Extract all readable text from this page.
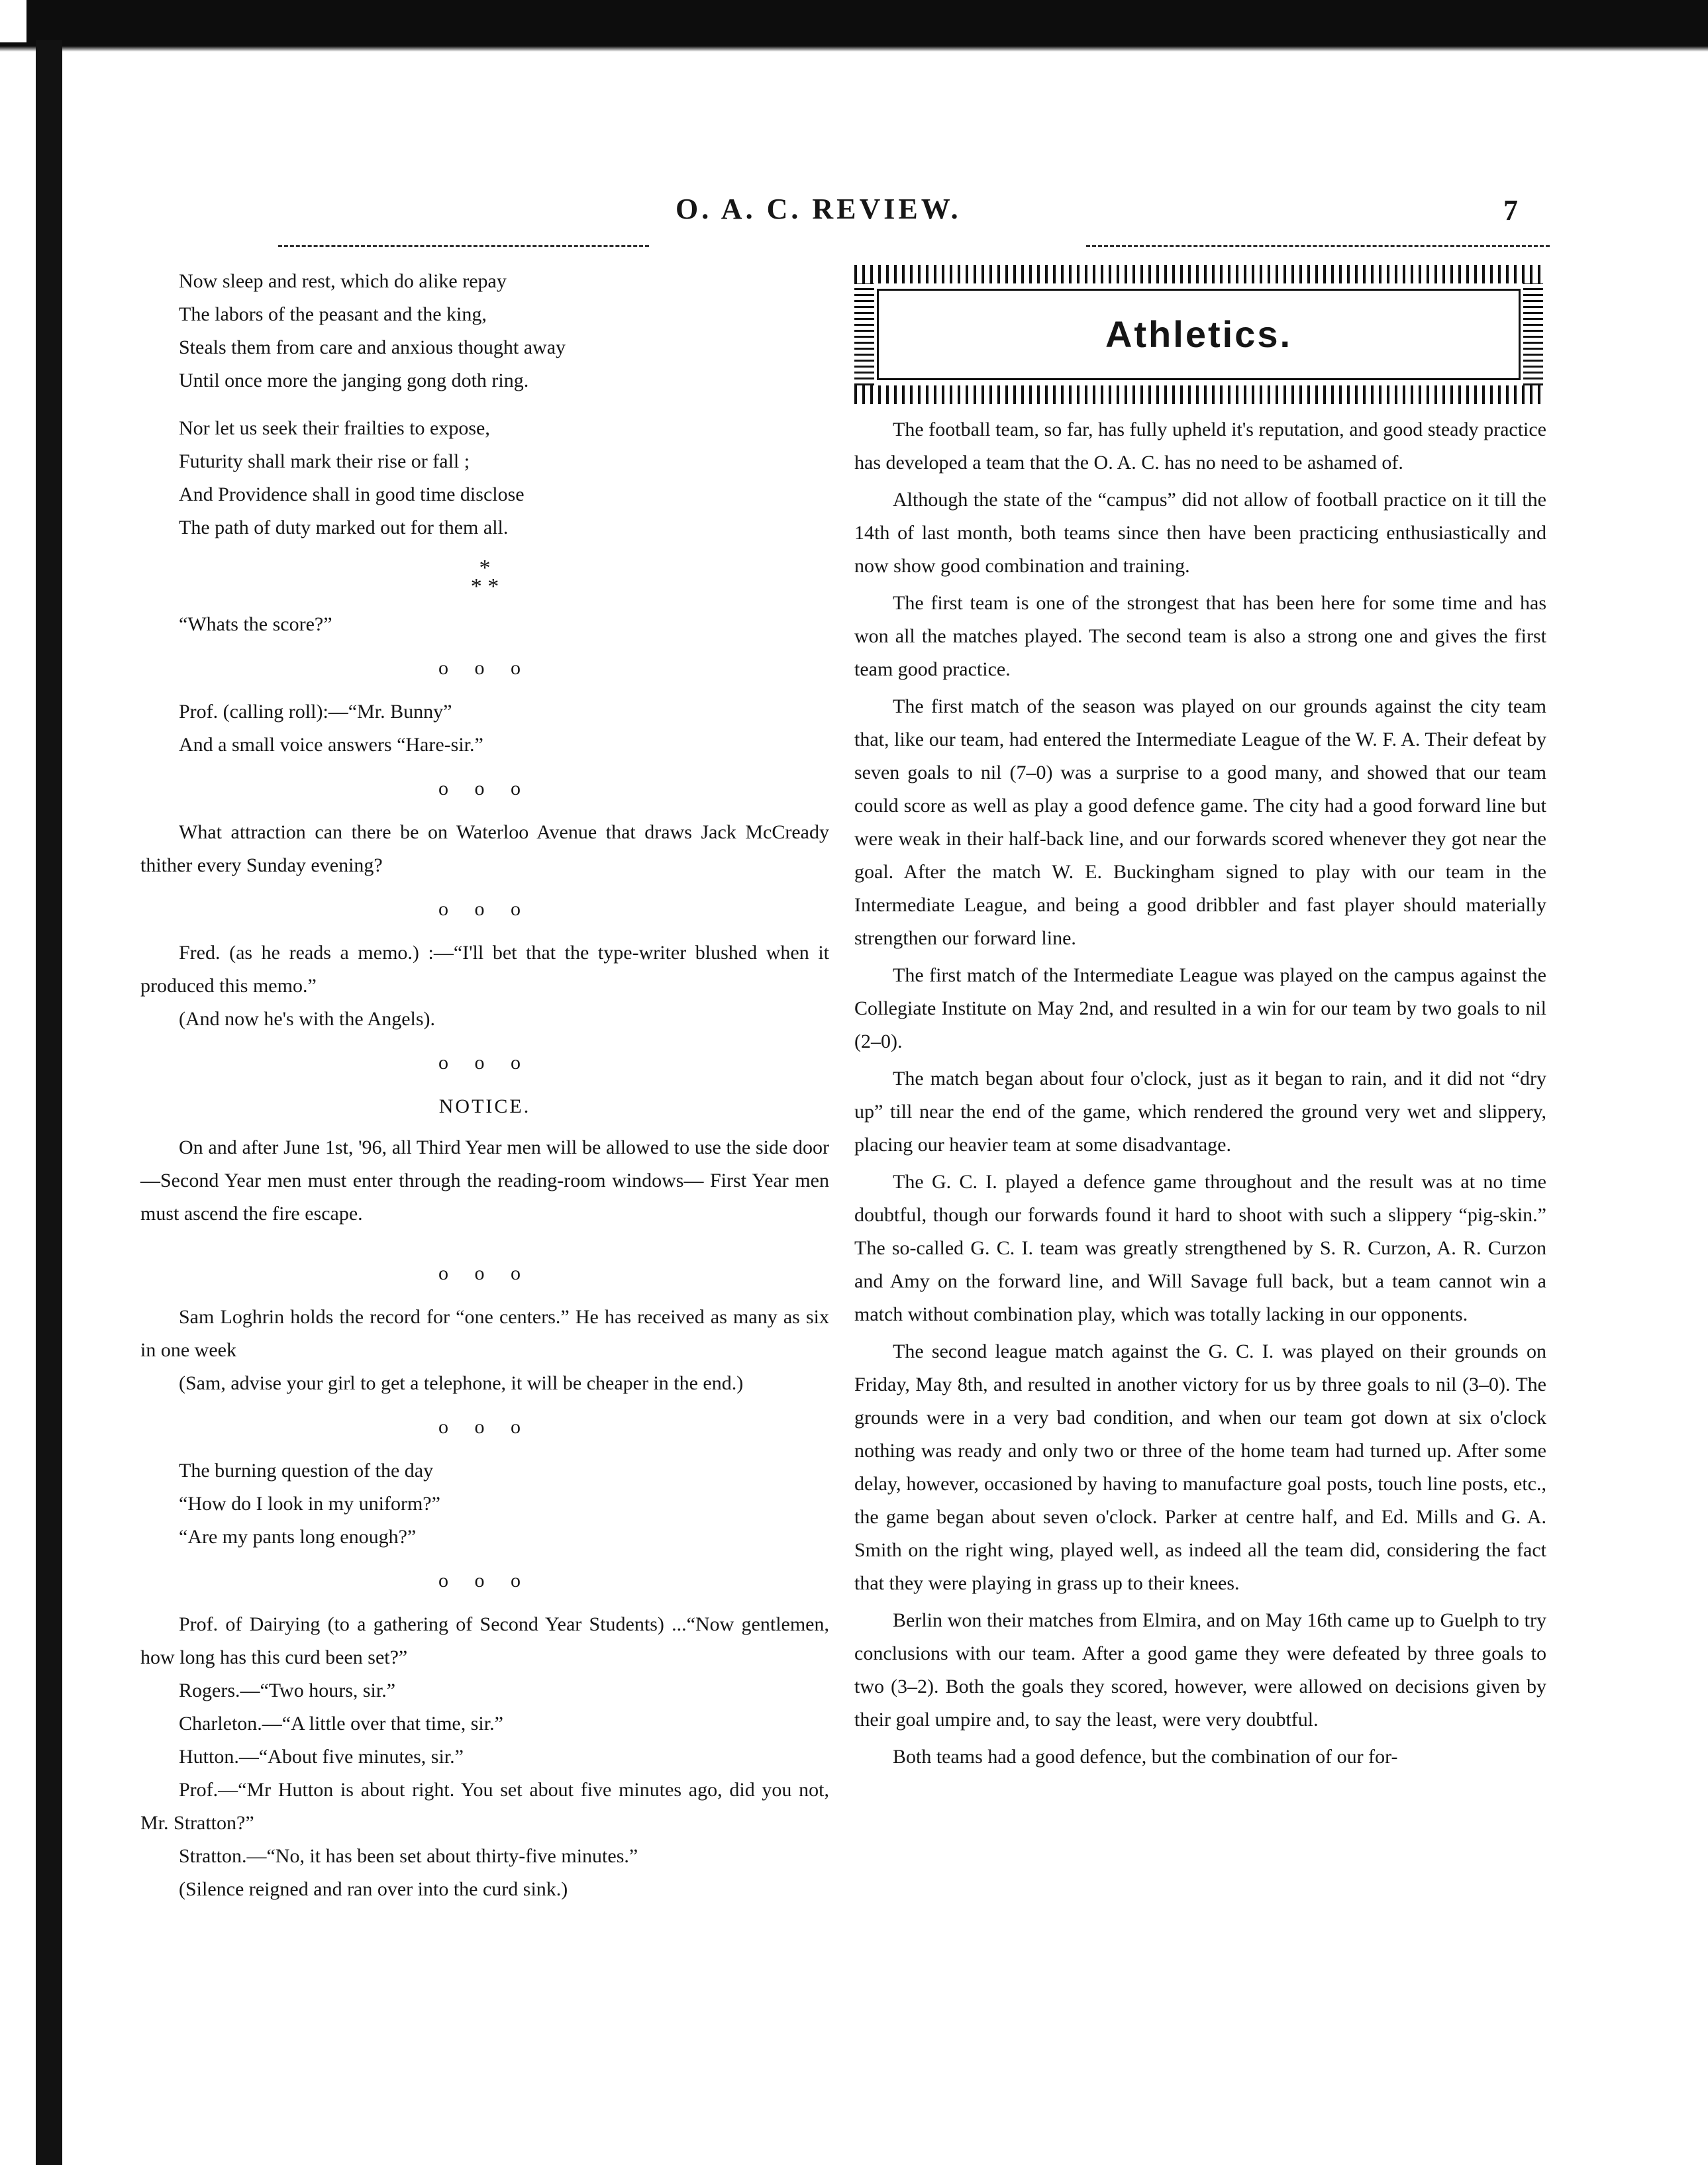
O. A. C. REVIEW.	7
Now sleep and rest, which do alike repay
The labors of the peasant and the king,
Steals them from care and anxious thought away
Until once more the janging gong doth ring.
Nor let us seek their frailties to expose,
Futurity shall mark their rise or fall ;
And Providence shall in good time disclose
The path of duty marked out for them all.
*
* *

“Whats the score?”

o o o

Prof. (calling roll):—“Mr. Bunny”

And a small voice answers “Hare-sir.”

o o o

What attraction can there be on Waterloo Avenue that draws Jack McCready thither every Sunday evening?

o o o

Fred. (as he reads a memo.) :—“I'll bet that the type-writer blushed when it produced this memo.”

(And now he's with the Angels).

o o o
NOTICE.

On and after June 1st, '96, all Third Year men will be allowed to use the side door—Second Year men must enter through the reading-room windows— First Year men must ascend the fire escape.

o o o

Sam Loghrin holds the record for “one centers.” He has received as many as six in one week

(Sam, advise your girl to get a telephone, it will be cheaper in the end.)

o o o
The burning question of the day
“How do I look in my uniform?”
“Are my pants long enough?”
o o o

Prof. of Dairying (to a gathering of Second Year Students) ...“Now gentlemen, how long has this curd been set?”

Rogers.—“Two hours, sir.”

Charleton.—“A little over that time, sir.”

Hutton.—“About five minutes, sir.”

Prof.—“Mr Hutton is about right. You set about five minutes ago, did you not, Mr. Stratton?”

Stratton.—“No, it has been set about thirty-five minutes.”

(Silence reigned and ran over into the curd sink.)

Athletics.

The football team, so far, has fully upheld it's reputation, and good steady practice has developed a team that the O. A. C. has no need to be ashamed of.

Although the state of the “campus” did not allow of football practice on it till the 14th of last month, both teams since then have been practicing enthusiastically and now show good combination and training.

The first team is one of the strongest that has been here for some time and has won all the matches played. The second team is also a strong one and gives the first team good practice.

The first match of the season was played on our grounds against the city team that, like our team, had entered the Intermediate League of the W. F. A. Their defeat by seven goals to nil (7–0) was a surprise to a good many, and showed that our team could score as well as play a good defence game. The city had a good forward line but were weak in their half-back line, and our forwards scored whenever they got near the goal. After the match W. E. Buckingham signed to play with our team in the Intermediate League, and being a good dribbler and fast player should materially strengthen our forward line.

The first match of the Intermediate League was played on the campus against the Collegiate Institute on May 2nd, and resulted in a win for our team by two goals to nil (2–0).

The match began about four o'clock, just as it began to rain, and it did not “dry up” till near the end of the game, which rendered the ground very wet and slippery, placing our heavier team at some disadvantage.

The G. C. I. played a defence game throughout and the result was at no time doubtful, though our forwards found it hard to shoot with such a slippery “pig-skin.” The so-called G. C. I. team was greatly strengthened by S. R. Curzon, A. R. Curzon and Amy on the forward line, and Will Savage full back, but a team cannot win a match without combination play, which was totally lacking in our opponents.

The second league match against the G. C. I. was played on their grounds on Friday, May 8th, and resulted in another victory for us by three goals to nil (3–0). The grounds were in a very bad condition, and when our team got down at six o'clock nothing was ready and only two or three of the home team had turned up. After some delay, however, occasioned by having to manufacture goal posts, touch line posts, etc., the game began about seven o'clock. Parker at centre half, and Ed. Mills and G. A. Smith on the right wing, played well, as indeed all the team did, considering the fact that they were playing in grass up to their knees.

Berlin won their matches from Elmira, and on May 16th came up to Guelph to try conclusions with our team. After a good game they were defeated by three goals to two (3–2). Both the goals they scored, however, were allowed on decisions given by their goal umpire and, to say the least, were very doubtful.

Both teams had a good defence, but the combination of our for-
